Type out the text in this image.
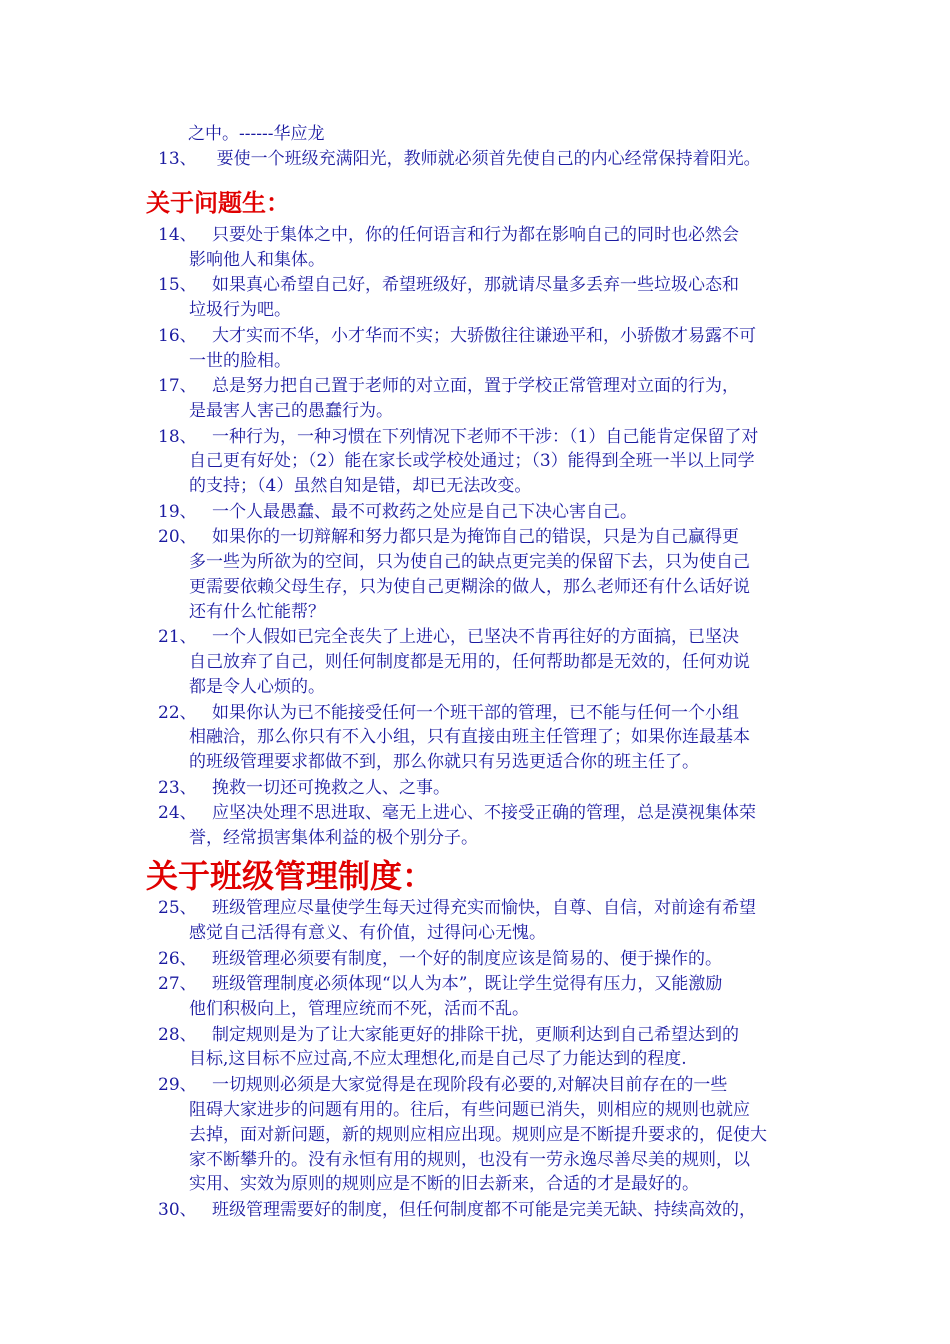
之中。------华应龙
13、 要使一个班级充满阳光，教师就必须首先使自己的内心经常保持着阳光。
关于问题生：
14、 只要处于集体之中，你的任何语言和行为都在影响自己的同时也必然会
影响他人和集体。
15、 如果真心希望自己好，希望班级好，那就请尽量多丢弃一些垃圾心态和
垃圾行为吧。
16、 大才实而不华，小才华而不实；大骄傲往往谦逊平和，小骄傲才易露不可
一世的脸相。
17、 总是努力把自己置于老师的对立面，置于学校正常管理对立面的行为，
是最害人害己的愚蠢行为。
18、 一种行为，一种习惯在下列情况下老师不干涉：（1）自己能肯定保留了对
自己更有好处；（2）能在家长或学校处通过；（3）能得到全班一半以上同学
的支持；（4）虽然自知是错，却已无法改变。
19、 一个人最愚蠢、最不可救药之处应是自己下决心害自己。
20、 如果你的一切辩解和努力都只是为掩饰自己的错误，只是为自己赢得更
多一些为所欲为的空间，只为使自己的缺点更完美的保留下去，只为使自己
更需要依赖父母生存，只为使自己更糊涂的做人，那么老师还有什么话好说
还有什么忙能帮？
21、 一个人假如已完全丧失了上进心，已坚决不肯再往好的方面搞，已坚决
自己放弃了自己，则任何制度都是无用的，任何帮助都是无效的，任何劝说
都是令人心烦的。
22、 如果你认为已不能接受任何一个班干部的管理，已不能与任何一个小组
相融洽，那么你只有不入小组，只有直接由班主任管理了；如果你连最基本
的班级管理要求都做不到，那么你就只有另选更适合你的班主任了。
23、 挽救一切还可挽救之人、之事。
24、 应坚决处理不思进取、毫无上进心、不接受正确的管理，总是漠视集体荣
誉，经常损害集体利益的极个别分子。
关于班级管理制度：
25、 班级管理应尽量使学生每天过得充实而愉快，自尊、自信，对前途有希望
感觉自己活得有意义、有价值，过得问心无愧。
26、 班级管理必须要有制度，一个好的制度应该是简易的、便于操作的。
27、 班级管理制度必须体现“以人为本”，既让学生觉得有压力，又能激励
他们积极向上，管理应统而不死，活而不乱。
28、 制定规则是为了让大家能更好的排除干扰，更顺利达到自己希望达到的
目标,这目标不应过高,不应太理想化,而是自己尽了力能达到的程度.
29、 一切规则必须是大家觉得是在现阶段有必要的,对解决目前存在的一些
阻碍大家进步的问题有用的。往后，有些问题已消失，则相应的规则也就应
去掉，面对新问题，新的规则应相应出现。规则应是不断提升要求的，促使大
家不断攀升的。没有永恒有用的规则，也没有一劳永逸尽善尽美的规则，以
实用、实效为原则的规则应是不断的旧去新来，合适的才是最好的。
30、 班级管理需要好的制度，但任何制度都不可能是完美无缺、持续高效的，
